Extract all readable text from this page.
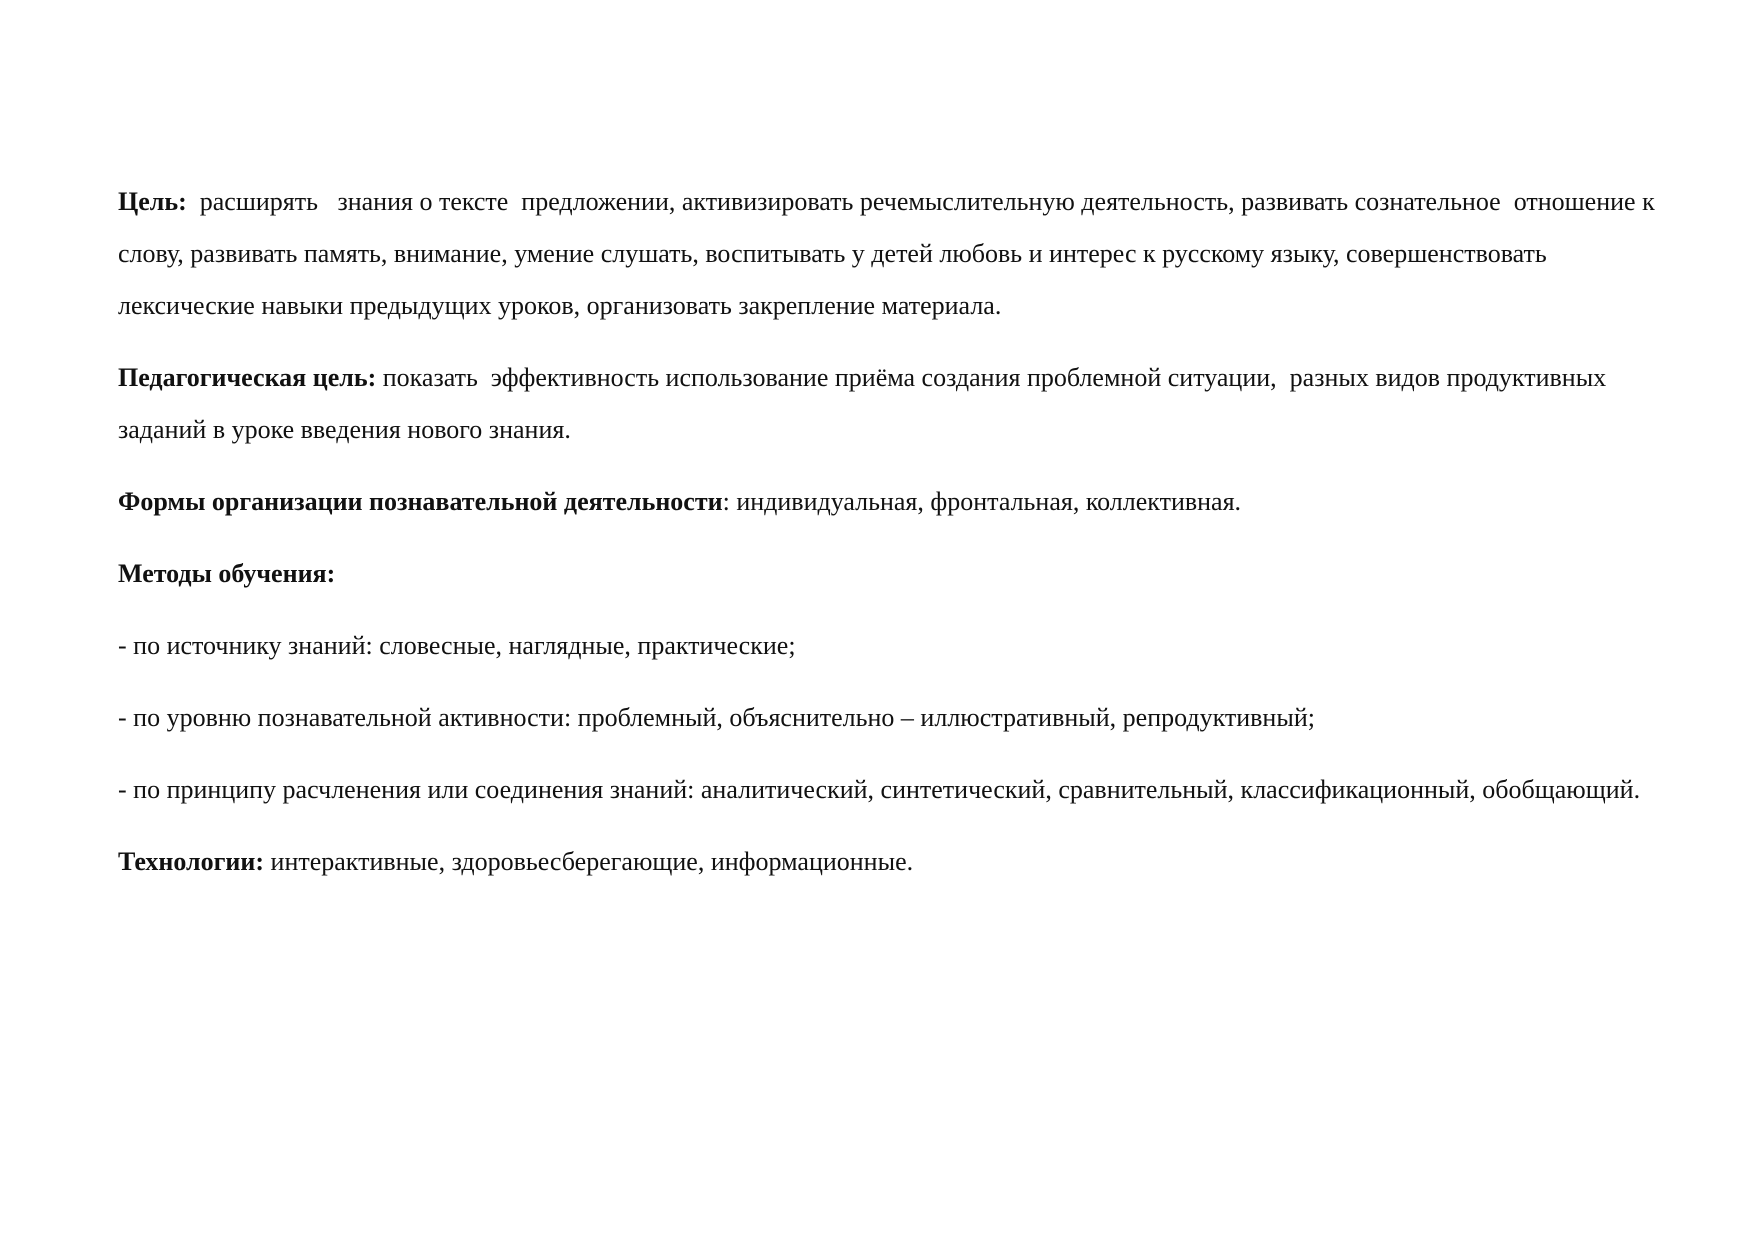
Цель:  расширять   знания о тексте  предложении, активизировать речемыслительную деятельность, развивать сознательное  отношение к слову, развивать память, внимание, умение слушать, воспитывать у детей любовь и интерес к русскому языку, совершенствовать лексические навыки предыдущих уроков, организовать закрепление материала.

Педагогическая цель: показать  эффективность использование приёма создания проблемной ситуации,  разных видов продуктивных заданий в уроке введения нового знания.

Формы организации познавательной деятельности: индивидуальная, фронтальная, коллективная.

Методы обучения:

- по источнику знаний: словесные, наглядные, практические;

- по уровню познавательной активности: проблемный, объяснительно – иллюстративный, репродуктивный;

- по принципу расчленения или соединения знаний: аналитический, синтетический, сравнительный, классификационный, обобщающий.

Технологии: интерактивные, здоровьесберегающие, информационные.
